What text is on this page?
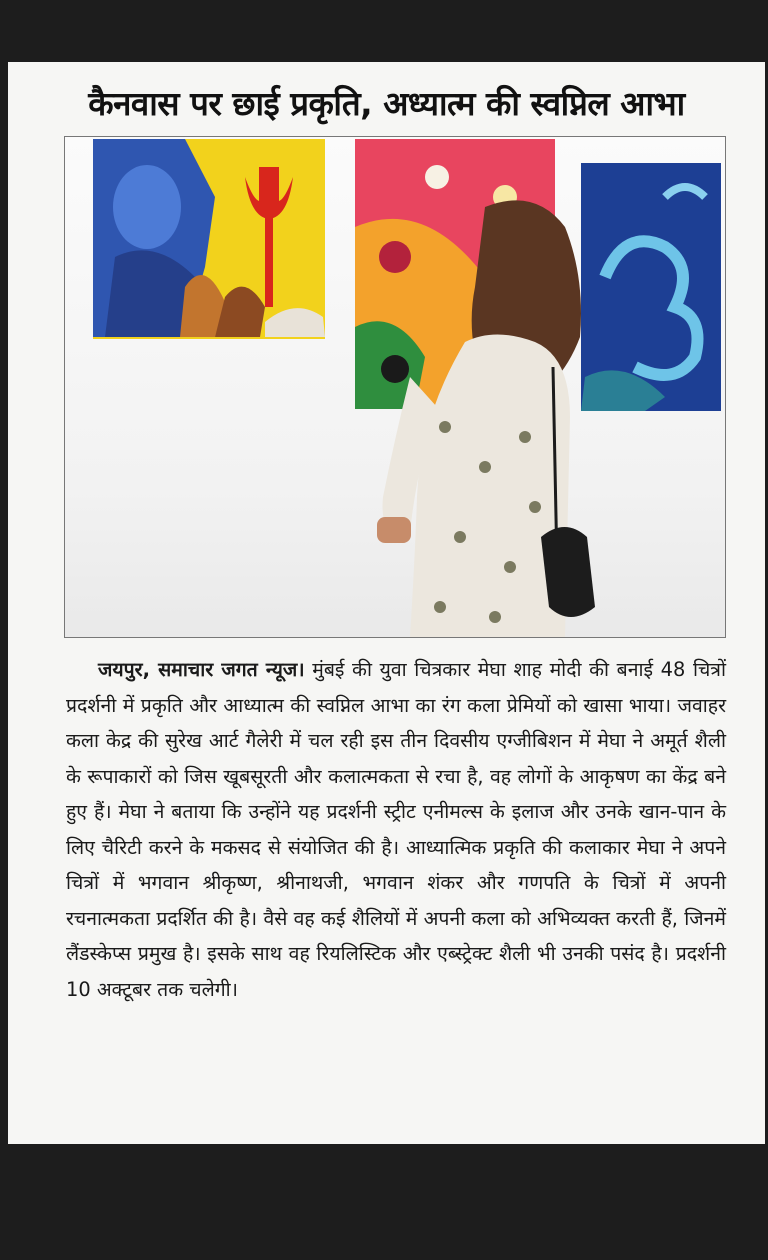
कैनवास पर छाई प्रकृति, अध्यात्म की स्वप्निल आभा

जयपुर, समाचार जगत न्यूज। मुंबई की युवा चित्रकार मेघा शाह मोदी की बनाई 48 चित्रों प्रदर्शनी में प्रकृति और आध्यात्म की स्वप्निल आभा का रंग कला प्रेमियों को खासा भाया। जवाहर कला केद्र की सुरेख आर्ट गैलेरी में चल रही इस तीन दिवसीय एग्जीबिशन में मेघा ने अमूर्त शैली के रूपाकारों को जिस खूबसूरती और कलात्मकता से रचा है, वह लोगों के आकृषण का केंद्र बने हुए हैं। मेघा ने बताया कि उन्होंने यह प्रदर्शनी स्ट्रीट एनीमल्स के इलाज और उनके खान-पान के लिए चैरिटी करने के मकसद से संयोजित की है। आध्यात्मिक प्रकृति की कलाकार मेघा ने अपने चित्रों में भगवान श्रीकृष्ण, श्रीनाथजी, भगवान शंकर और गणपति के चित्रों में अपनी रचनात्मकता प्रदर्शित की है। वैसे वह कई शैलियों में अपनी कला को अभिव्यक्त करती हैं, जिनमें लैंडस्केप्स प्रमुख है। इसके साथ वह रियलिस्टिक और एब्स्ट्रेक्ट शैली भी उनकी पसंद है। प्रदर्शनी 10 अक्टूबर तक चलेगी।
